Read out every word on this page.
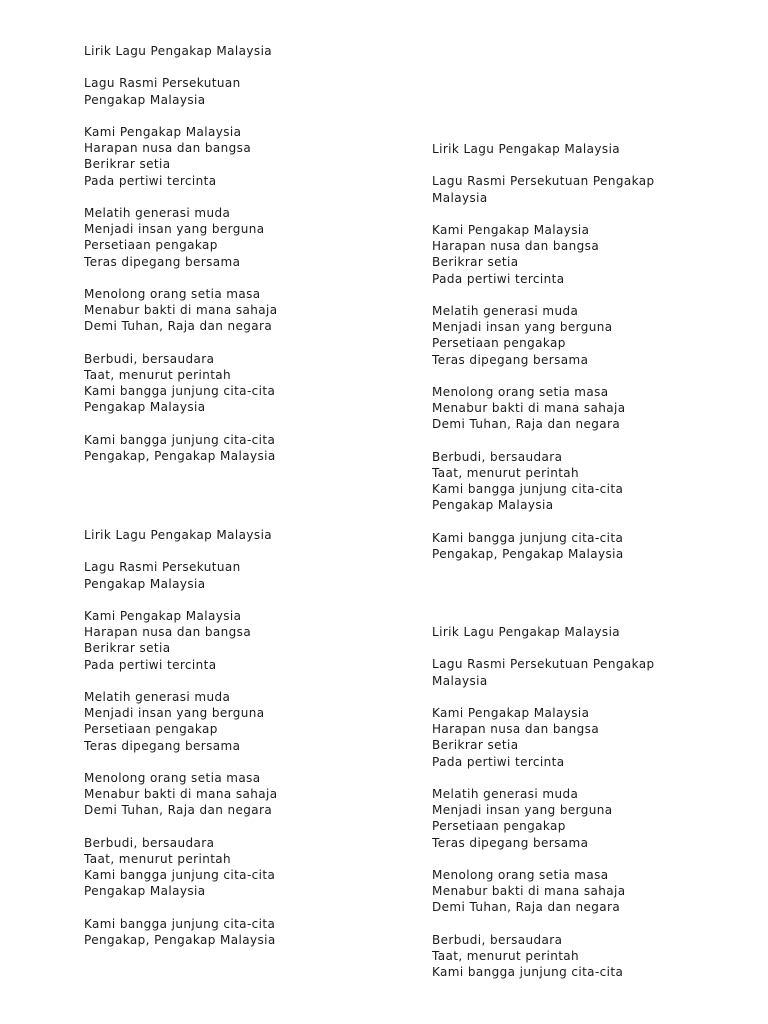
Lirik Lagu Pengakap Malaysia
Lagu Rasmi Persekutuan
Pengakap Malaysia
Kami Pengakap Malaysia
Harapan nusa dan bangsa
Berikrar setia
Pada pertiwi tercinta
Melatih generasi muda
Menjadi insan yang berguna
Persetiaan pengakap
Teras dipegang bersama
Menolong orang setia masa
Menabur bakti di mana sahaja
Demi Tuhan, Raja dan negara
Berbudi, bersaudara
Taat, menurut perintah
Kami bangga junjung cita-cita
Pengakap Malaysia
Kami bangga junjung cita-cita
Pengakap, Pengakap Malaysia
Lirik Lagu Pengakap Malaysia
Lagu Rasmi Persekutuan Pengakap
Malaysia
Kami Pengakap Malaysia
Harapan nusa dan bangsa
Berikrar setia
Pada pertiwi tercinta
Melatih generasi muda
Menjadi insan yang berguna
Persetiaan pengakap
Teras dipegang bersama
Menolong orang setia masa
Menabur bakti di mana sahaja
Demi Tuhan, Raja dan negara
Berbudi, bersaudara
Taat, menurut perintah
Kami bangga junjung cita-cita
Pengakap Malaysia
Kami bangga junjung cita-cita
Pengakap, Pengakap Malaysia
Lirik Lagu Pengakap Malaysia
Lagu Rasmi Persekutuan
Pengakap Malaysia
Kami Pengakap Malaysia
Harapan nusa dan bangsa
Berikrar setia
Pada pertiwi tercinta
Melatih generasi muda
Menjadi insan yang berguna
Persetiaan pengakap
Teras dipegang bersama
Menolong orang setia masa
Menabur bakti di mana sahaja
Demi Tuhan, Raja dan negara
Berbudi, bersaudara
Taat, menurut perintah
Kami bangga junjung cita-cita
Pengakap Malaysia
Kami bangga junjung cita-cita
Pengakap, Pengakap Malaysia
Lirik Lagu Pengakap Malaysia
Lagu Rasmi Persekutuan Pengakap
Malaysia
Kami Pengakap Malaysia
Harapan nusa dan bangsa
Berikrar setia
Pada pertiwi tercinta
Melatih generasi muda
Menjadi insan yang berguna
Persetiaan pengakap
Teras dipegang bersama
Menolong orang setia masa
Menabur bakti di mana sahaja
Demi Tuhan, Raja dan negara
Berbudi, bersaudara
Taat, menurut perintah
Kami bangga junjung cita-cita
